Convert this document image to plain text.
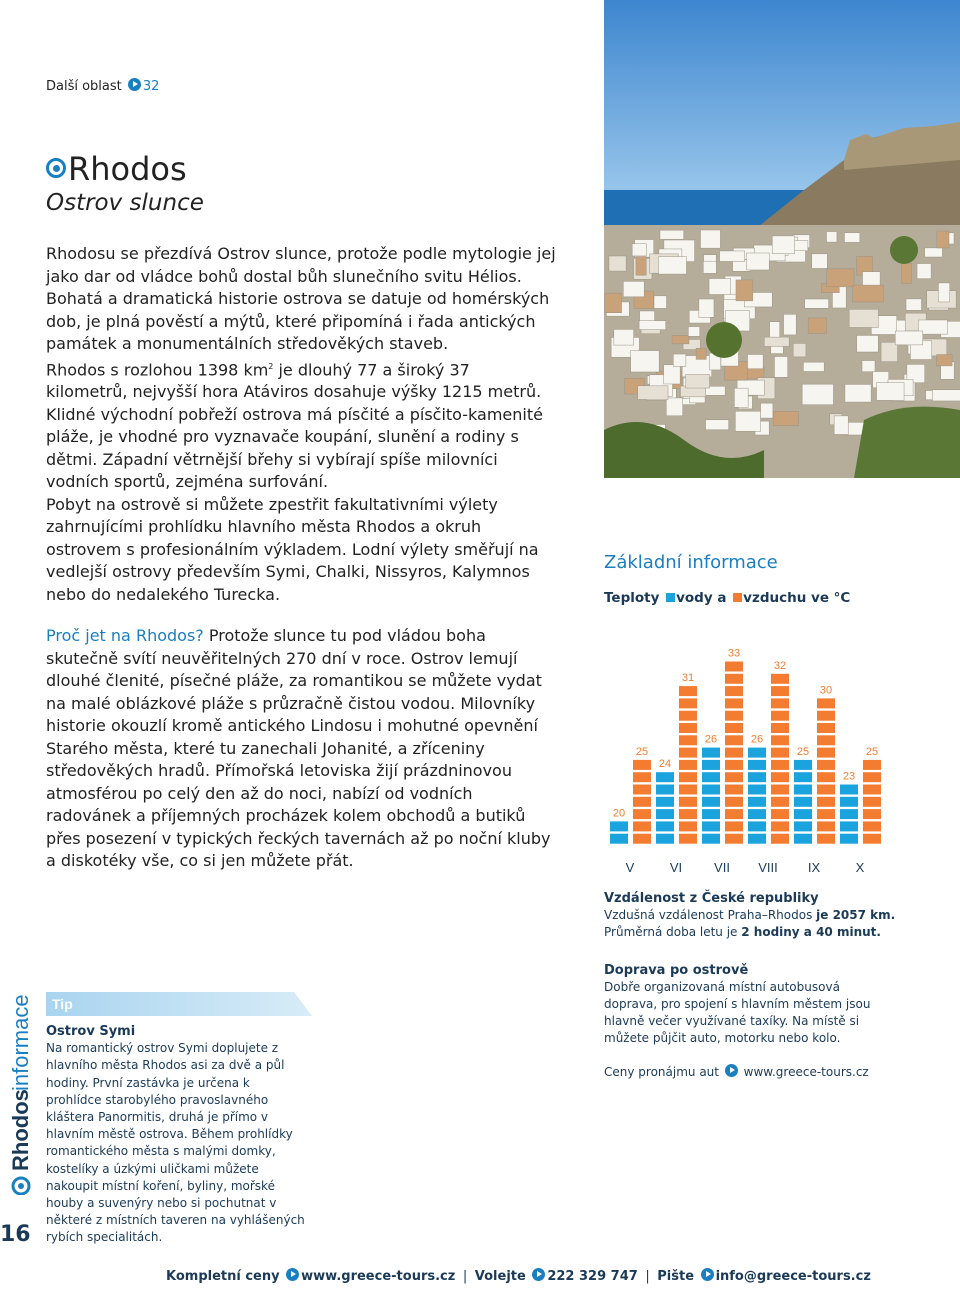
Další oblast 32
Rhodos
Ostrov slunce

Rhodosu se přezdívá Ostrov slunce, protože podle mytologie jej jako dar od vládce bohů dostal bůh slunečního svitu Hélios. Bohatá a dramatická historie ostrova se datuje od homérských dob, je plná pověstí a mýtů, které připomíná i řada antických památek a monumentálních středověkých staveb.

Rhodos s rozlohou 1398 $km^2$ je dlouhý 77 a široký 37 kilometrů, nejvyšší hora Atáviros dosahuje výšky 1215 metrů. Klidné východní pobřeží ostrova má písčité a písčito-kamenité pláže, je vhodné pro vyznavače koupání, slunění a rodiny s dětmi. Západní větrnější břehy si vybírají spíše milovníci vodních sportů, zejména surfování.

Pobyt na ostrově si můžete zpestřit fakultativními výlety zahrnujícími prohlídku hlavního města Rhodos a okruh ostrovem s profesionálním výkladem. Lodní výlety směřují na vedlejší ostrovy především Symi, Chalki, Nissyros, Kalymnos nebo do nedalekého Turecka.

Proč jet na Rhodos? Protože slunce tu pod vládou boha skutečně svítí neuvěřitelných 270 dní v roce. Ostrov lemují dlouhé členité, písečné pláže, za romantikou se můžete vydat na malé oblázkové pláže s průzračně čistou vodou. Milovníky historie okouzlí kromě antického Lindosu i mohutné opevnění Starého města, které tu zanechali Johanité, a zříceniny středověkých hradů. Přímořská letoviska žijí prázdninovou atmosférou po celý den až do noci, nabízí od vodních radovánek a příjemných procházek kolem obchodů a butiků přes posezení v typických řeckých tavernách až po noční kluby a diskotéky vše, co si jen můžete přát.

Základní informace
Teploty vody a vzduchu ve °C
20
25
V
24
31
VI
26
33
VII
26
32
VIII
25
30
IX
23
25
X
Vzdálenost z České republiky
Vzdušná vzdálenost Praha–Rhodos je 2057 km.
Průměrná doba letu je 2 hodiny a 40 minut.
Doprava po ostrově
Dobře organizovaná místní autobusová doprava, pro spojení s hlavním městem jsou hlavně večer využívané taxíky. Na místě si můžete půjčit auto, motorku nebo kolo.
Ceny pronájmu aut www.greece-tours.cz
Rhodos
informace
16
Tip
Ostrov Symi
Na romantický ostrov Symi doplujete z hlavního města Rhodos asi za dvě a půl hodiny. První zastávka je určena k prohlídce starobylého pravoslavného kláštera Panormitis, druhá je přímo v hlavním městě ostrova. Během prohlídky romantického města s malými domky, kostelíky a úzkými uličkami můžete nakoupit místní koření, byliny, mořské houby a suvenýry nebo si pochutnat v některé z místních taveren na vyhlášených rybích specialitách.
Kompletní ceny www.greece-tours.cz | Volejte 222 329 747 | Pište info@greece-tours.cz
